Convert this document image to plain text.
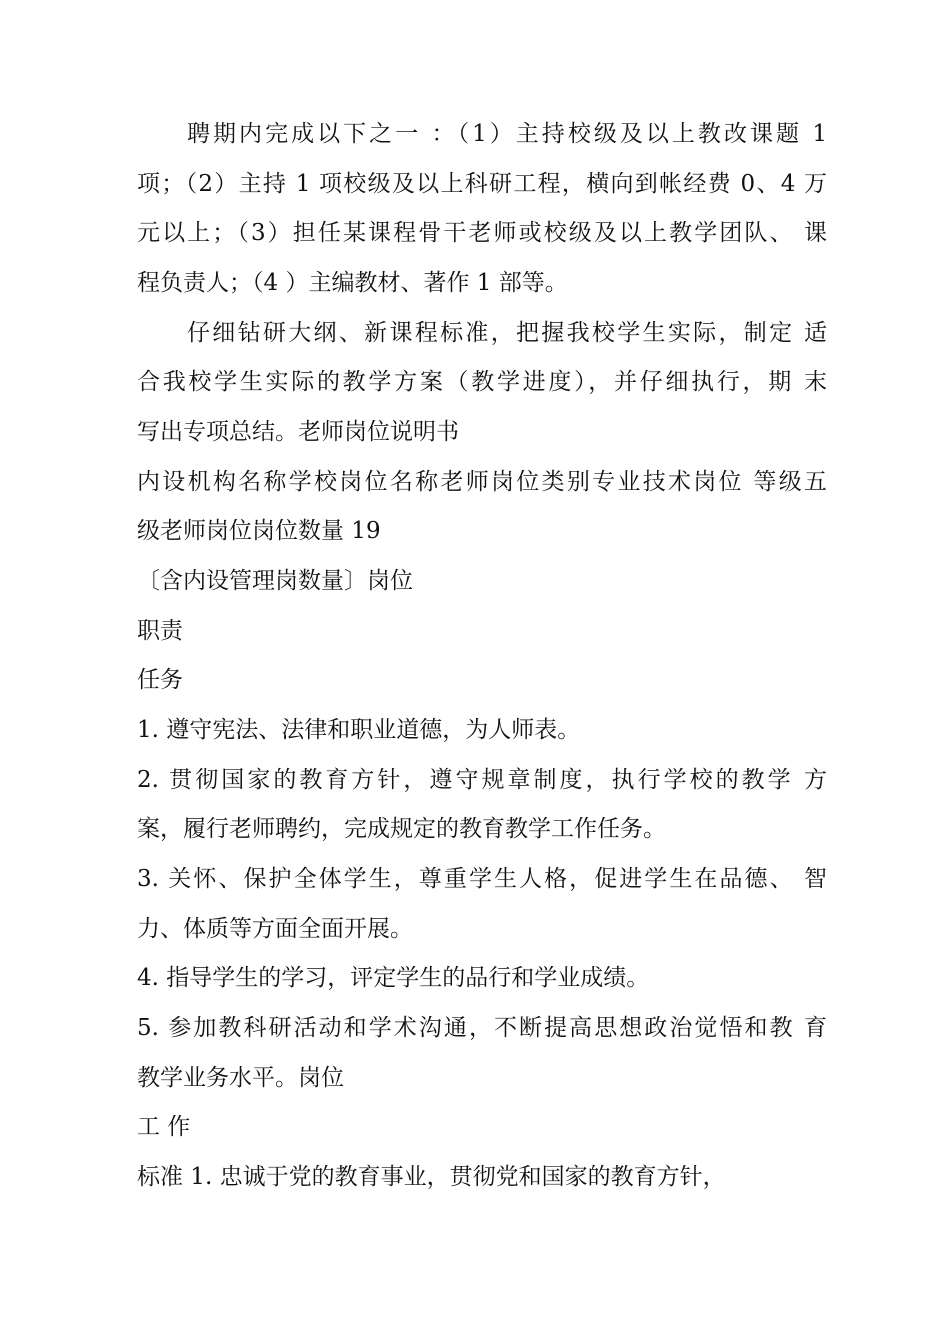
聘期内完成以下之一 ：（1）主持校级及以上教改课题 1
项；（2）主持 1 项校级及以上科研工程，横向到帐经费 0、4 万
元以上；（3）担任某课程骨干老师或校级及以上教学团队、 课
程负责人；（4 ）主编教材、著作 1 部等。
仔细钻研大纲、新课程标准，把握我校学生实际，制定 适
合我校学生实际的教学方案（教学进度），并仔细执行，期 末
写出专项总结。老师岗位说明书
内设机构名称学校岗位名称老师岗位类别专业技术岗位 等级五
级老师岗位岗位数量 19
〔含内设管理岗数量〕岗位
职责
任务
1. 遵守宪法、法律和职业道德，为人师表。
2. 贯彻国家的教育方针，遵守规章制度，执行学校的教学 方
案，履行老师聘约，完成规定的教育教学工作任务。
3. 关怀、保护全体学生，尊重学生人格，促进学生在品德、 智
力、体质等方面全面开展。
4. 指导学生的学习，评定学生的品行和学业成绩。
5. 参加教科研活动和学术沟通，不断提高思想政治觉悟和教 育
教学业务水平。岗位
工 作
标准 1. 忠诚于党的教育事业，贯彻党和国家的教育方针，
